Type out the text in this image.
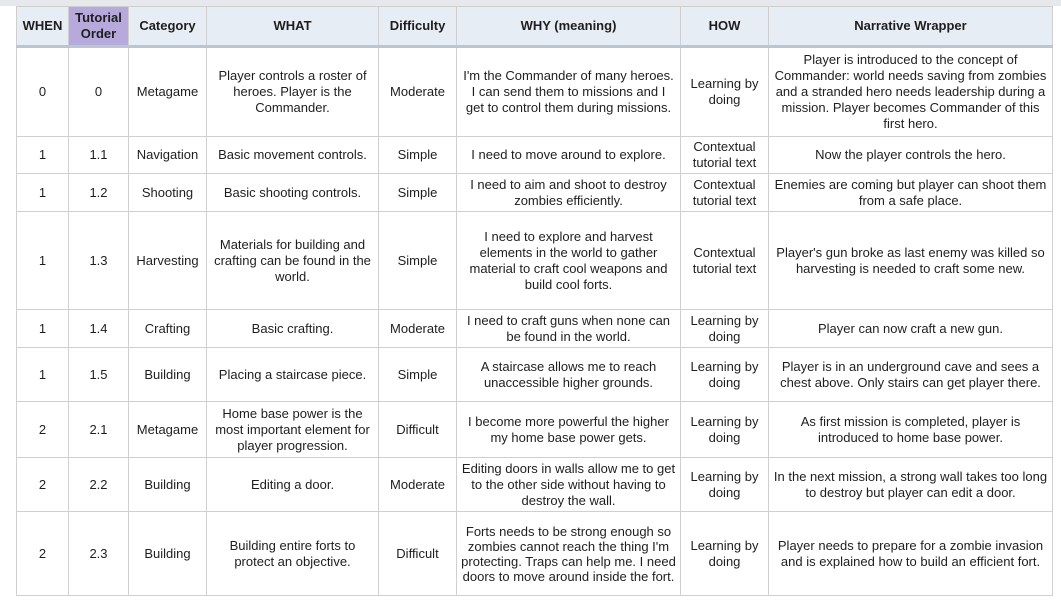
WHEN	Tutorial Order	Category	WHAT	Difficulty	WHY (meaning)	HOW	Narrative Wrapper
0	0	Metagame	Player controls a roster of heroes. Player is the Commander.	Moderate	I'm the Commander of many heroes. I can send them to missions and I get to control them during missions.	Learning by doing	Player is introduced to the concept of Commander: world needs saving from zombies and a stranded hero needs leadership during a mission. Player becomes Commander of this first hero.
1	1.1	Navigation	Basic movement controls.	Simple	I need to move around to explore.	Contextual tutorial text	Now the player controls the hero.
1	1.2	Shooting	Basic shooting controls.	Simple	I need to aim and shoot to destroy zombies efficiently.	Contextual tutorial text	Enemies are coming but player can shoot them from a safe place.
1	1.3	Harvesting	Materials for building and crafting can be found in the world.	Simple	I need to explore and harvest elements in the world to gather material to craft cool weapons and build cool forts.	Contextual tutorial text	Player's gun broke as last enemy was killed so harvesting is needed to craft some new.
1	1.4	Crafting	Basic crafting.	Moderate	I need to craft guns when none can be found in the world.	Learning by doing	Player can now craft a new gun.
1	1.5	Building	Placing a staircase piece.	Simple	A staircase allows me to reach unaccessible higher grounds.	Learning by doing	Player is in an underground cave and sees a chest above. Only stairs can get player there.
2	2.1	Metagame	Home base power is the most important element for player progression.	Difficult	I become more powerful the higher my home base power gets.	Learning by doing	As first mission is completed, player is introduced to home base power.
2	2.2	Building	Editing a door.	Moderate	Editing doors in walls allow me to get to the other side without having to destroy the wall.	Learning by doing	In the next mission, a strong wall takes too long to destroy but player can edit a door.
2	2.3	Building	Building entire forts to protect an objective.	Difficult	Forts needs to be strong enough so zombies cannot reach the thing I'm protecting. Traps can help me. I need doors to move around inside the fort.	Learning by doing	Player needs to prepare for a zombie invasion and is explained how to build an efficient fort.
